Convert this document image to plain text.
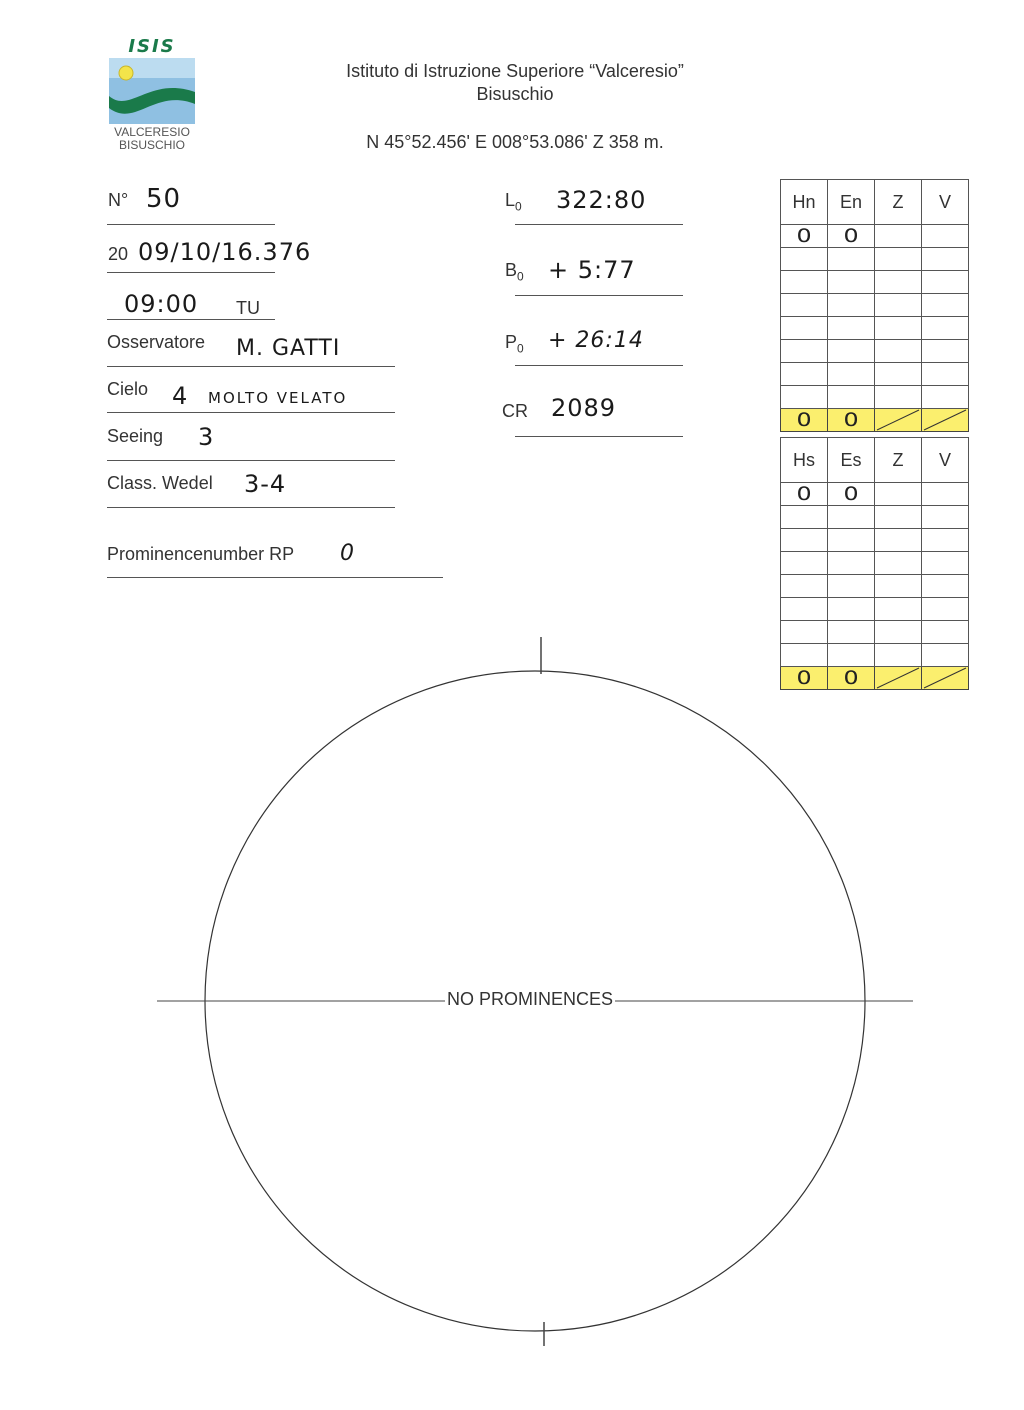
ISIS
VALCERESIO
BISUSCHIO
Istituto di Istruzione Superiore “Valceresio”
Bisuschio
N 45°52.456' E 008°53.086' Z 358 m.
N° 50
20 09/10/16.376
09:00 TU
Osservatore M. GATTI
Cielo 4 MOLTO VELATO
Seeing 3
Class. Wedel 3-4
Prominencenumber RP 0
$L_0$ 322:80
$B_0$ + 5:77
$P_0$ + 26:14
CR 2089
Hn	En	Z	V
0	0		

0	0	

Hs	Es	Z	V
0	0		

0	0	

NO PROMINENCES
